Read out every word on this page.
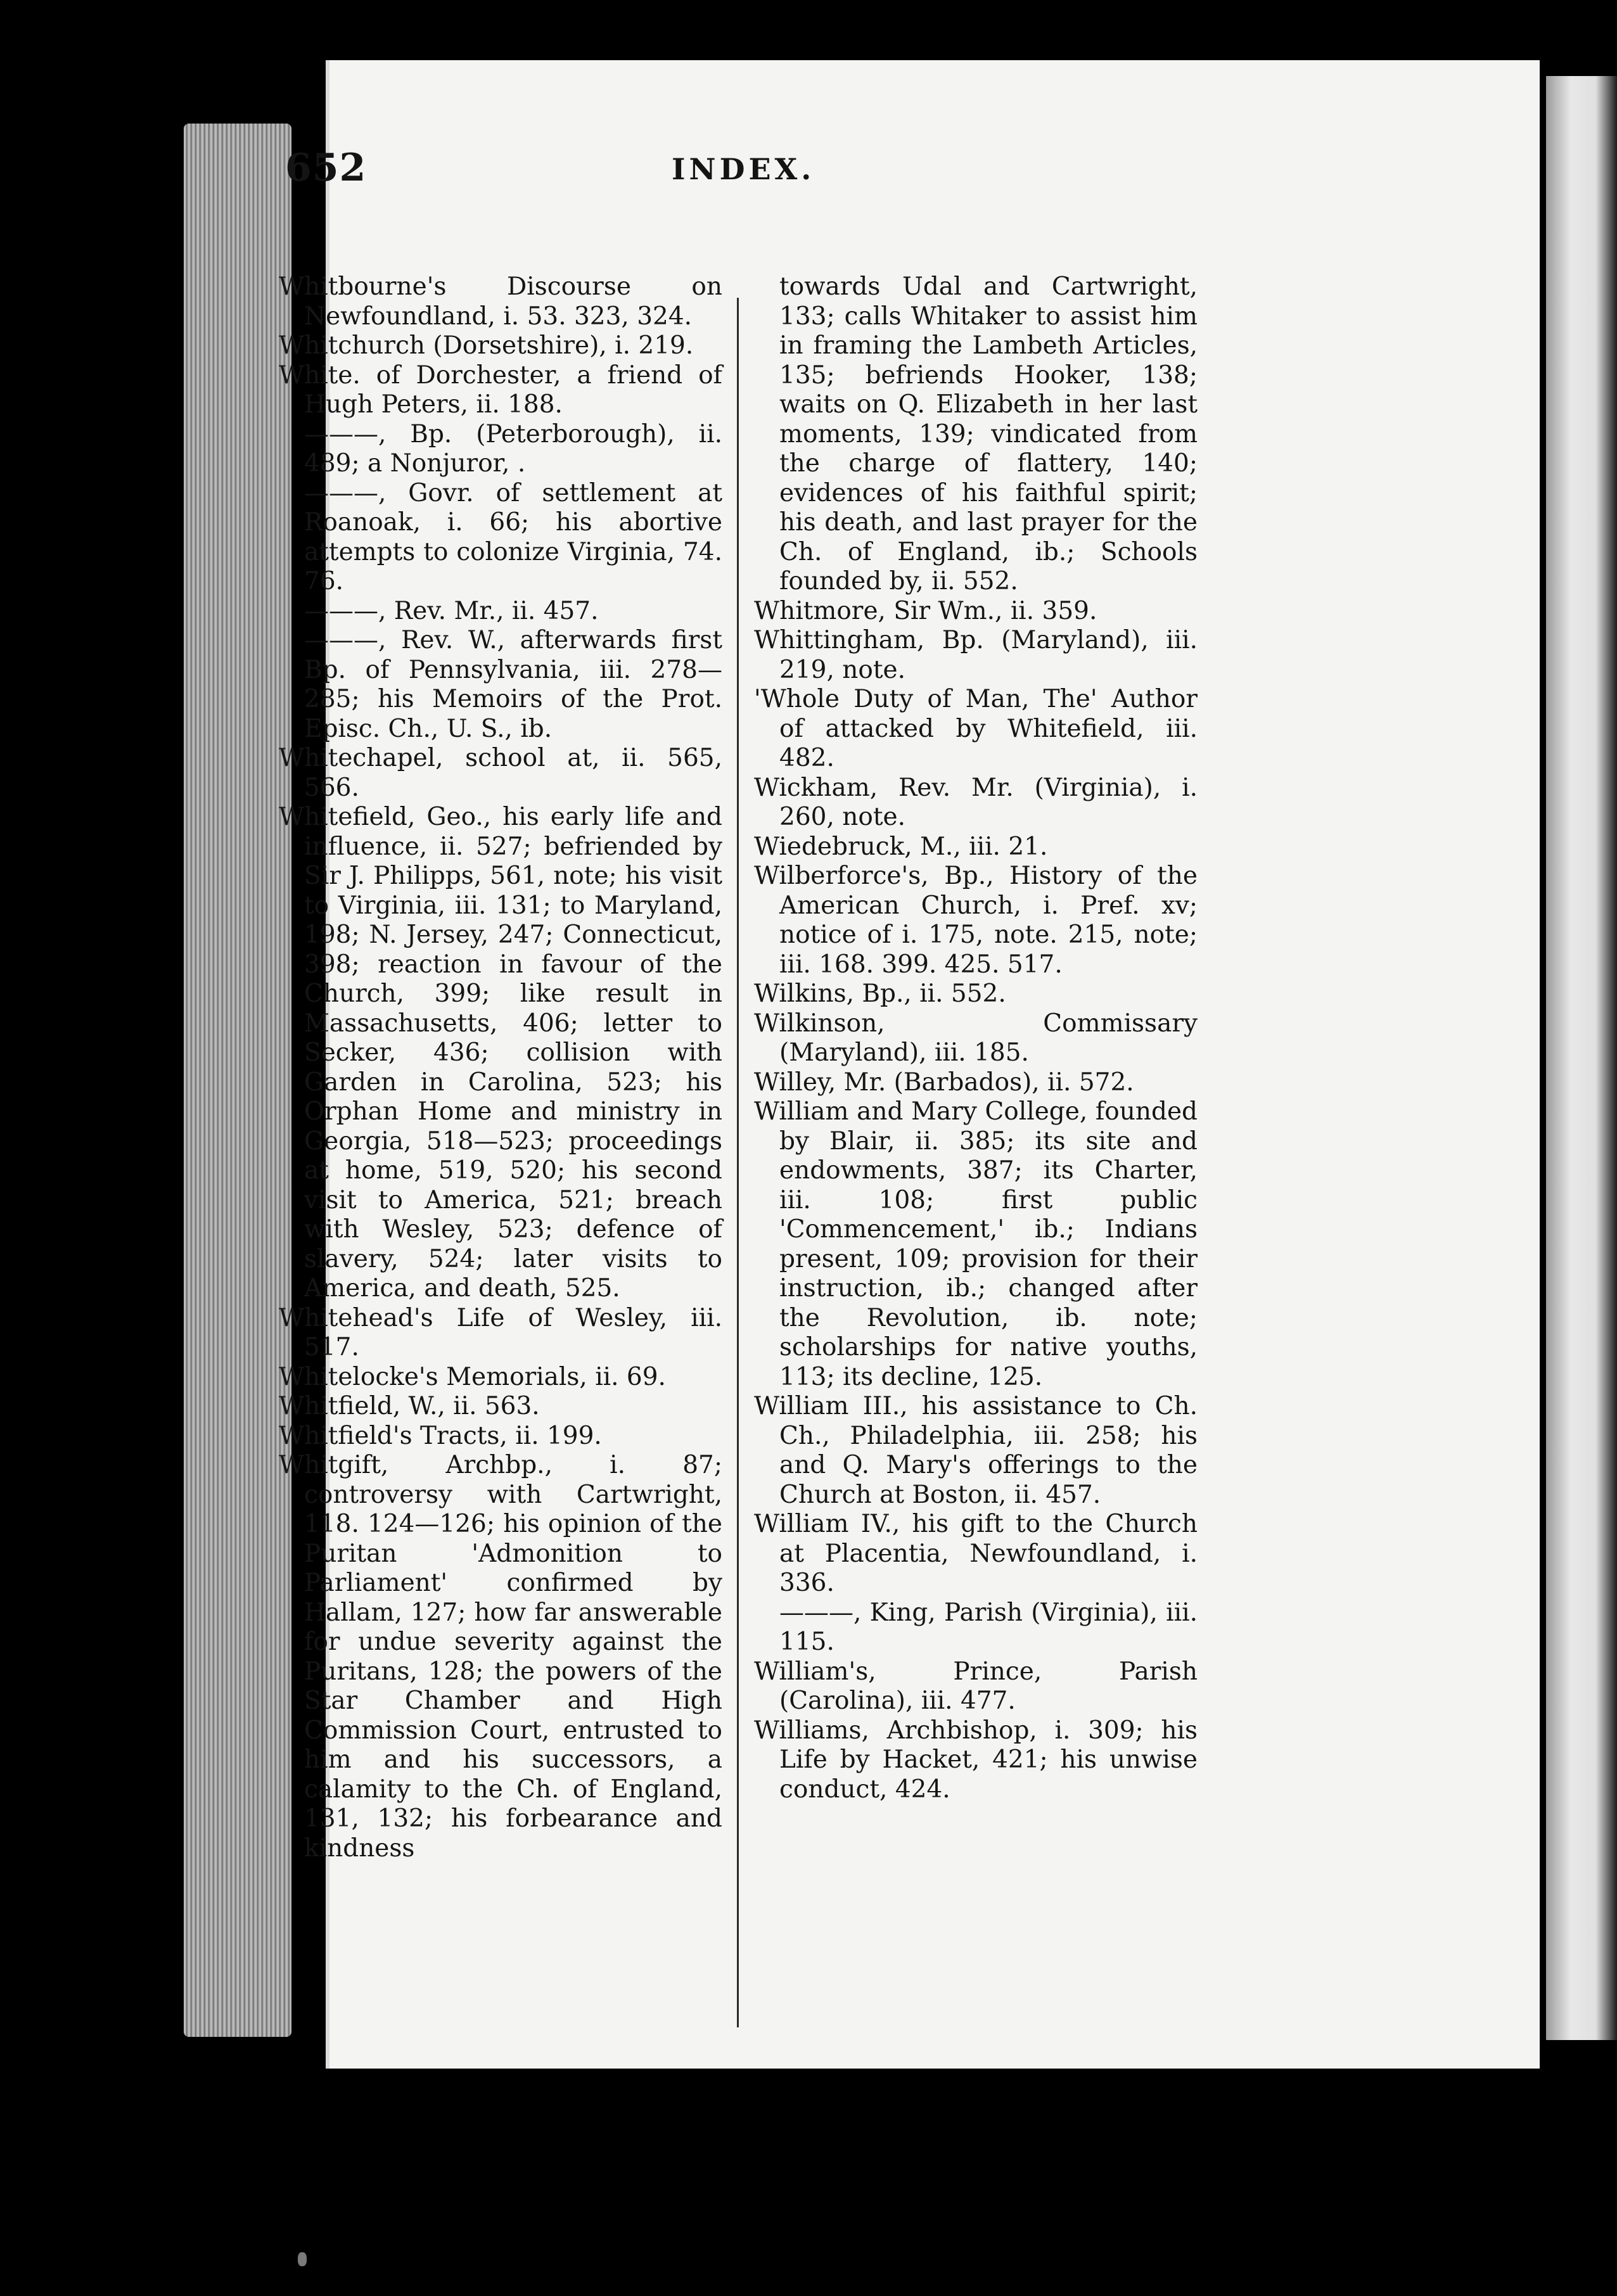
652	INDEX.

Whitbourne's Discourse on Newfoundland, i. 53. 323, 324.

Whitchurch (Dorsetshire), i. 219.

White. of Dorchester, a friend of Hugh Peters, ii. 188.

———, Bp. (Peterborough), ii. 489; a Nonjuror, .

———, Govr. of settlement at Roanoak, i. 66; his abortive attempts to colonize Virginia, 74. 76.

———, Rev. Mr., ii. 457.

———, Rev. W., afterwards first Bp. of Pennsylvania, iii. 278—285; his Memoirs of the Prot. Episc. Ch., U. S., ib.

Whitechapel, school at, ii. 565, 566.

Whitefield, Geo., his early life and influence, ii. 527; befriended by Sir J. Philipps, 561, note; his visit to Virginia, iii. 131; to Maryland, 198; N. Jersey, 247; Connecticut, 398; reaction in favour of the Church, 399; like result in Massachusetts, 406; letter to Secker, 436; collision with Garden in Carolina, 523; his Orphan Home and ministry in Georgia, 518—523; proceedings at home, 519, 520; his second visit to America, 521; breach with Wesley, 523; defence of slavery, 524; later visits to America, and death, 525.

Whitehead's Life of Wesley, iii. 517.

Whitelocke's Memorials, ii. 69.

Whitfield, W., ii. 563.

Whitfield's Tracts, ii. 199.

Whitgift, Archbp., i. 87; controversy with Cartwright, 118. 124—126; his opinion of the Puritan 'Admonition to Parliament' confirmed by Hallam, 127; how far answerable for undue severity against the Puritans, 128; the powers of the Star Chamber and High Commission Court, entrusted to him and his successors, a calamity to the Ch. of England, 131, 132; his forbearance and kindness

towards Udal and Cartwright, 133; calls Whitaker to assist him in framing the Lambeth Articles, 135; befriends Hooker, 138; waits on Q. Elizabeth in her last moments, 139; vindicated from the charge of flattery, 140; evidences of his faithful spirit; his death, and last prayer for the Ch. of England, ib.; Schools founded by, ii. 552.

Whitmore, Sir Wm., ii. 359.

Whittingham, Bp. (Maryland), iii. 219, note.

'Whole Duty of Man, The' Author of attacked by Whitefield, iii. 482.

Wickham, Rev. Mr. (Virginia), i. 260, note.

Wiedebruck, M., iii. 21.

Wilberforce's, Bp., History of the American Church, i. Pref. xv; notice of i. 175, note. 215, note; iii. 168. 399. 425. 517.

Wilkins, Bp., ii. 552.

Wilkinson, Commissary (Maryland), iii. 185.

Willey, Mr. (Barbados), ii. 572.

William and Mary College, founded by Blair, ii. 385; its site and endowments, 387; its Charter, iii. 108; first public 'Commencement,' ib.; Indians present, 109; provision for their instruction, ib.; changed after the Revolution, ib. note; scholarships for native youths, 113; its decline, 125.

William III., his assistance to Ch. Ch., Philadelphia, iii. 258; his and Q. Mary's offerings to the Church at Boston, ii. 457.

William IV., his gift to the Church at Placentia, Newfoundland, i. 336.

———, King, Parish (Virginia), iii. 115.

William's, Prince, Parish (Carolina), iii. 477.

Williams, Archbishop, i. 309; his Life by Hacket, 421; his unwise conduct, 424.
